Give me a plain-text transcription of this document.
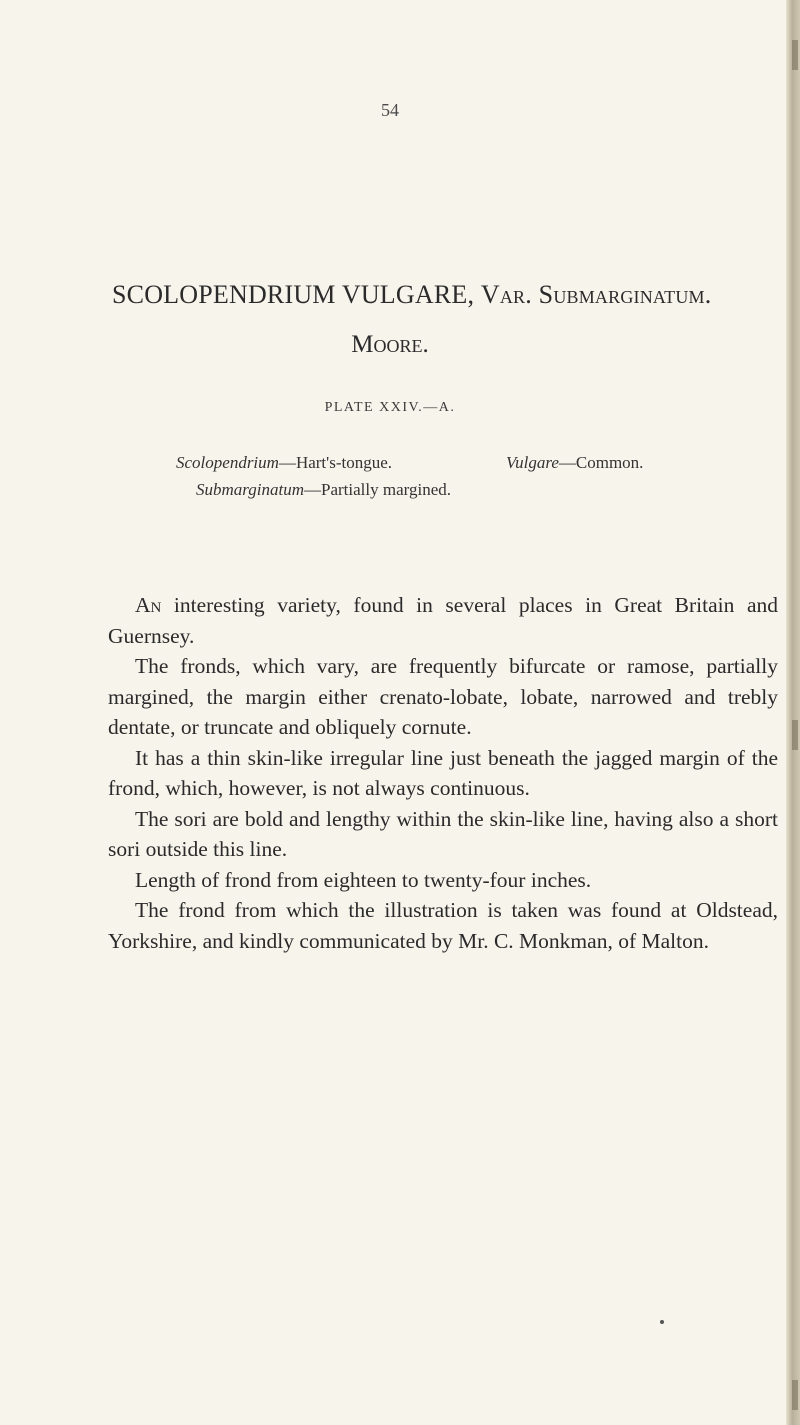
54
SCOLOPENDRIUM VULGARE, Var. Submarginatum.
Moore.
PLATE XXIV.—A.
Scolopendrium—Hart's-tongue.	Vulgare—Common.
Submarginatum—Partially margined.

An interesting variety, found in several places in Great Britain and Guernsey.

The fronds, which vary, are frequently bifurcate or ramose, partially margined, the margin either crenato-lobate, lobate, narrowed and trebly dentate, or truncate and obliquely cornute.

It has a thin skin-like irregular line just beneath the jagged margin of the frond, which, however, is not always continuous.

The sori are bold and lengthy within the skin-like line, having also a short sori outside this line.

Length of frond from eighteen to twenty-four inches.

The frond from which the illustration is taken was found at Oldstead, Yorkshire, and kindly communicated by Mr. C. Monkman, of Malton.
